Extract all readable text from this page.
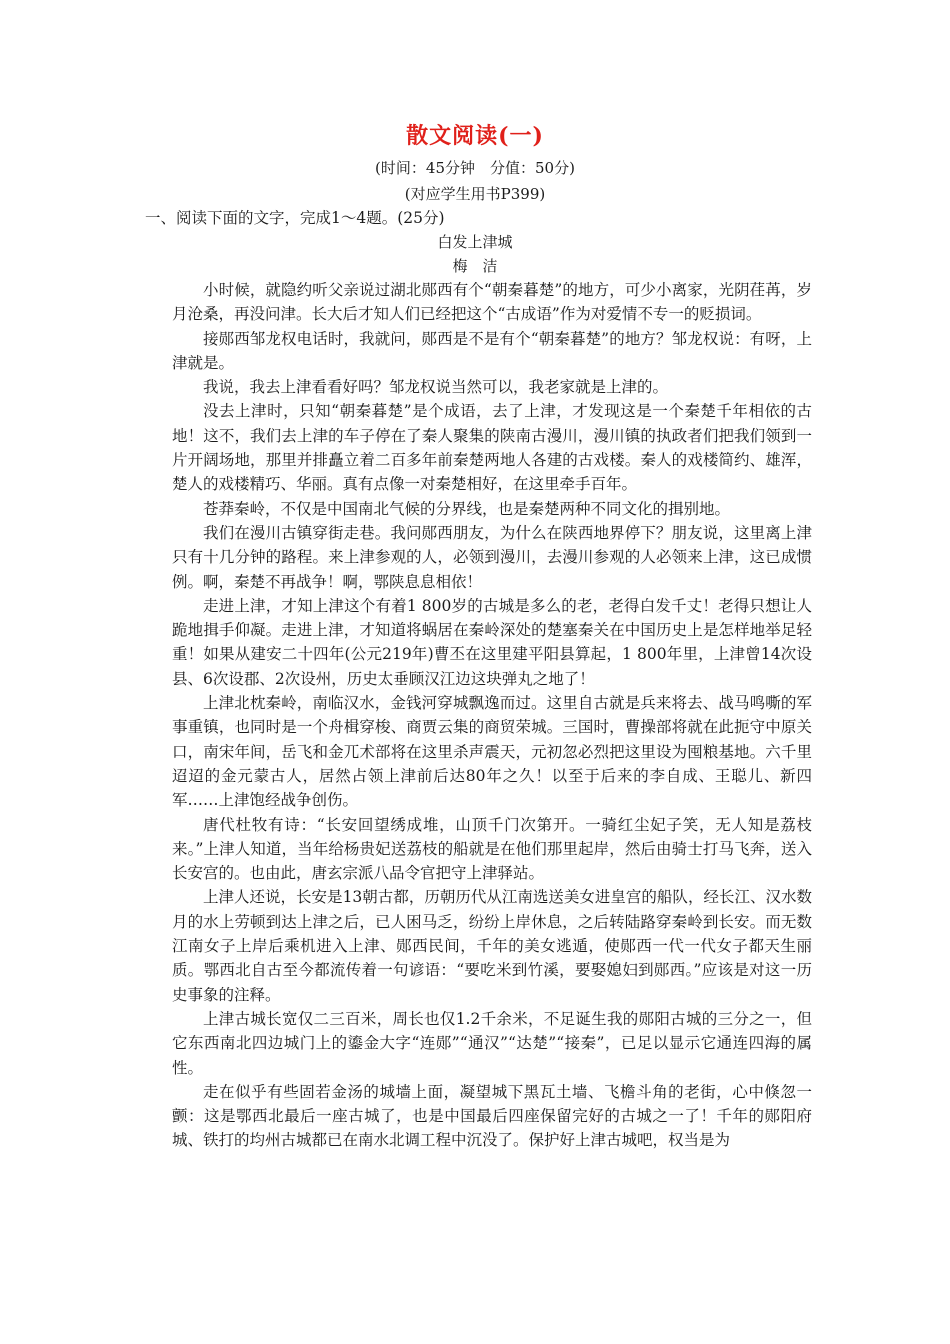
散文阅读(一)
(时间：45分钟　分值：50分)
(对应学生用书P399)
一、阅读下面的文字，完成1～4题。(25分)
白发上津城
梅　洁

小时候，就隐约听父亲说过湖北郧西有个“朝秦暮楚”的地方，可少小离家，光阴荏苒，岁月沧桑，再没问津。长大后才知人们已经把这个“古成语”作为对爱情不专一的贬损词。

接郧西邹龙权电话时，我就问，郧西是不是有个“朝秦暮楚”的地方？邹龙权说：有呀，上津就是。

我说，我去上津看看好吗？邹龙权说当然可以，我老家就是上津的。

没去上津时，只知“朝秦暮楚”是个成语，去了上津，才发现这是一个秦楚千年相依的古地！这不，我们去上津的车子停在了秦人聚集的陕南古漫川，漫川镇的执政者们把我们领到一片开阔场地，那里并排矗立着二百多年前秦楚两地人各建的古戏楼。秦人的戏楼简约、雄浑，楚人的戏楼精巧、华丽。真有点像一对秦楚相好，在这里牵手百年。

苍莽秦岭，不仅是中国南北气候的分界线，也是秦楚两种不同文化的揖别地。

我们在漫川古镇穿街走巷。我问郧西朋友，为什么在陕西地界停下？朋友说，这里离上津只有十几分钟的路程。来上津参观的人，必领到漫川，去漫川参观的人必领来上津，这已成惯例。啊，秦楚不再战争！啊，鄂陕息息相依！

走进上津，才知上津这个有着1 800岁的古城是多么的老，老得白发千丈！老得只想让人跪地揖手仰凝。走进上津，才知道将蜗居在秦岭深处的楚塞秦关在中国历史上是怎样地举足轻重！如果从建安二十四年(公元219年)曹丕在这里建平阳县算起，1 800年里，上津曾14次设县、6次设郡、2次设州，历史太垂顾汉江边这块弹丸之地了！

上津北枕秦岭，南临汉水，金钱河穿城飘逸而过。这里自古就是兵来将去、战马鸣嘶的军事重镇，也同时是一个舟楫穿梭、商贾云集的商贸荣城。三国时，曹操部将就在此扼守中原关口，南宋年间，岳飞和金兀术部将在这里杀声震天，元初忽必烈把这里设为囤粮基地。六千里迢迢的金元蒙古人，居然占领上津前后达80年之久！以至于后来的李自成、王聪儿、新四军……上津饱经战争创伤。

唐代杜牧有诗：“长安回望绣成堆，山顶千门次第开。一骑红尘妃子笑，无人知是荔枝来。”上津人知道，当年给杨贵妃送荔枝的船就是在他们那里起岸，然后由骑士打马飞奔，送入长安宫的。也由此，唐玄宗派八品令官把守上津驿站。

上津人还说，长安是13朝古都，历朝历代从江南选送美女进皇宫的船队，经长江、汉水数月的水上劳顿到达上津之后，已人困马乏，纷纷上岸休息，之后转陆路穿秦岭到长安。而无数江南女子上岸后乘机进入上津、郧西民间，千年的美女逃遁，使郧西一代一代女子都天生丽质。鄂西北自古至今都流传着一句谚语：“要吃米到竹溪，要娶媳妇到郧西。”应该是对这一历史事象的注释。

上津古城长宽仅二三百米，周长也仅1.2千余米，不足诞生我的郧阳古城的三分之一，但它东西南北四边城门上的鎏金大字“连郧”“通汉”“达楚”“接秦”，已足以显示它通连四海的属性。

走在似乎有些固若金汤的城墙上面，凝望城下黑瓦土墙、飞檐斗角的老街，心中倏忽一颤：这是鄂西北最后一座古城了，也是中国最后四座保留完好的古城之一了！千年的郧阳府城、铁打的均州古城都已在南水北调工程中沉没了。保护好上津古城吧，权当是为
